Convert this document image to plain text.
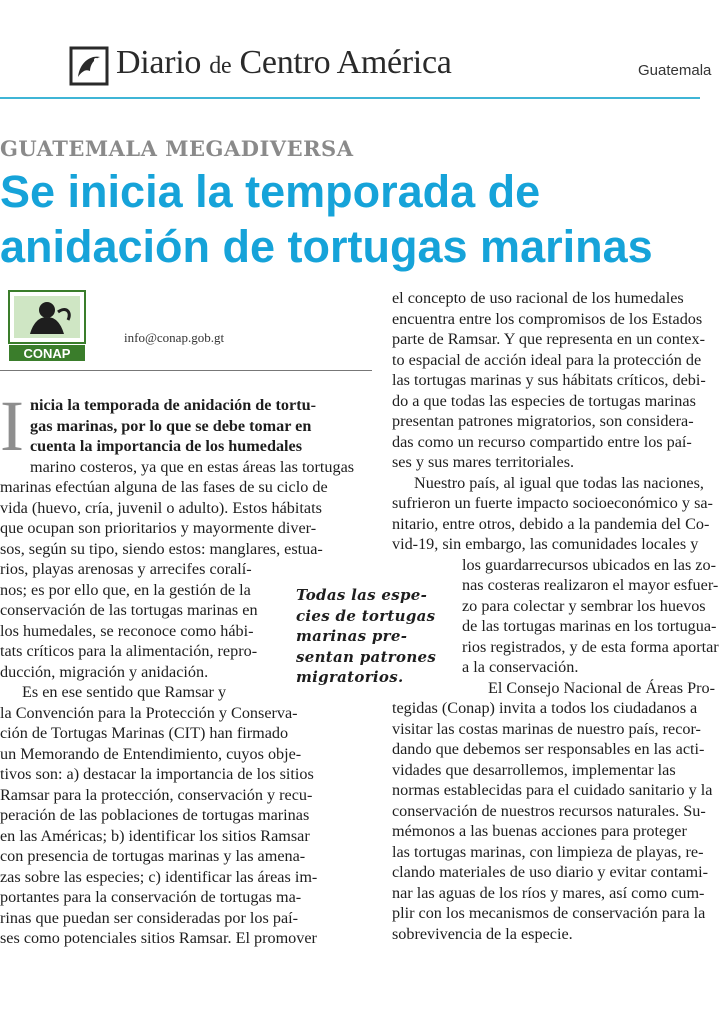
Diario de Centro América	Guatemala
GUATEMALA MEGADIVERSA
Se inicia la temporada de
anidación de tortugas marinas
CONAP
info@conap.gob.gt
I nicia la temporada de anidación de tortu-
gas marinas, por lo que se debe tomar en
cuenta la importancia de los humedales
marino costeros, ya que en estas áreas las tortugas
marinas efectúan alguna de las fases de su ciclo de
vida (huevo, cría, juvenil o adulto). Estos hábitats
que ocupan son prioritarios y mayormente diver-
sos, según su tipo, siendo estos: manglares, estua-
rios, playas arenosas y arrecifes coralí-
nos; es por ello que, en la gestión de la
conservación de las tortugas marinas en
los humedales, se reconoce como hábi-
tats críticos para la alimentación, repro-
ducción, migración y anidación.
Es en ese sentido que Ramsar y
la Convención para la Protección y Conserva-
ción de Tortugas Marinas (CIT) han firmado
un Memorando de Entendimiento, cuyos obje-
tivos son: a) destacar la importancia de los sitios
Ramsar para la protección, conservación y recu-
peración de las poblaciones de tortugas marinas
en las Américas; b) identificar los sitios Ramsar
con presencia de tortugas marinas y las amena-
zas sobre las especies; c) identificar las áreas im-
portantes para la conservación de tortugas ma-
rinas que puedan ser consideradas por los paí-
ses como potenciales sitios Ramsar. El promover
Todas las espe-
cies de tortugas
marinas pre-
sentan patrones
migratorios.
el concepto de uso racional de los humedales
encuentra entre los compromisos de los Estados
parte de Ramsar. Y que representa en un contex-
to espacial de acción ideal para la protección de
las tortugas marinas y sus hábitats críticos, debi-
do a que todas las especies de tortugas marinas
presentan patrones migratorios, son considera-
das como un recurso compartido entre los paí-
ses y sus mares territoriales.
Nuestro país, al igual que todas las naciones,
sufrieron un fuerte impacto socioeconómico y sa-
nitario, entre otros, debido a la pandemia del Co-
vid-19, sin embargo, las comunidades locales y
los guardarrecursos ubicados en las zo-
nas costeras realizaron el mayor esfuer-
zo para colectar y sembrar los huevos
de las tortugas marinas en los tortugua-
rios registrados, y de esta forma aportar
a la conservación.
El Consejo Nacional de Áreas Pro-
tegidas (Conap) invita a todos los ciudadanos a
visitar las costas marinas de nuestro país, recor-
dando que debemos ser responsables en las acti-
vidades que desarrollemos, implementar las
normas establecidas para el cuidado sanitario y la
conservación de nuestros recursos naturales. Su-
mémonos a las buenas acciones para proteger
las tortugas marinas, con limpieza de playas, re-
clando materiales de uso diario y evitar contami-
nar las aguas de los ríos y mares, así como cum-
plir con los mecanismos de conservación para la
sobrevivencia de la especie.
